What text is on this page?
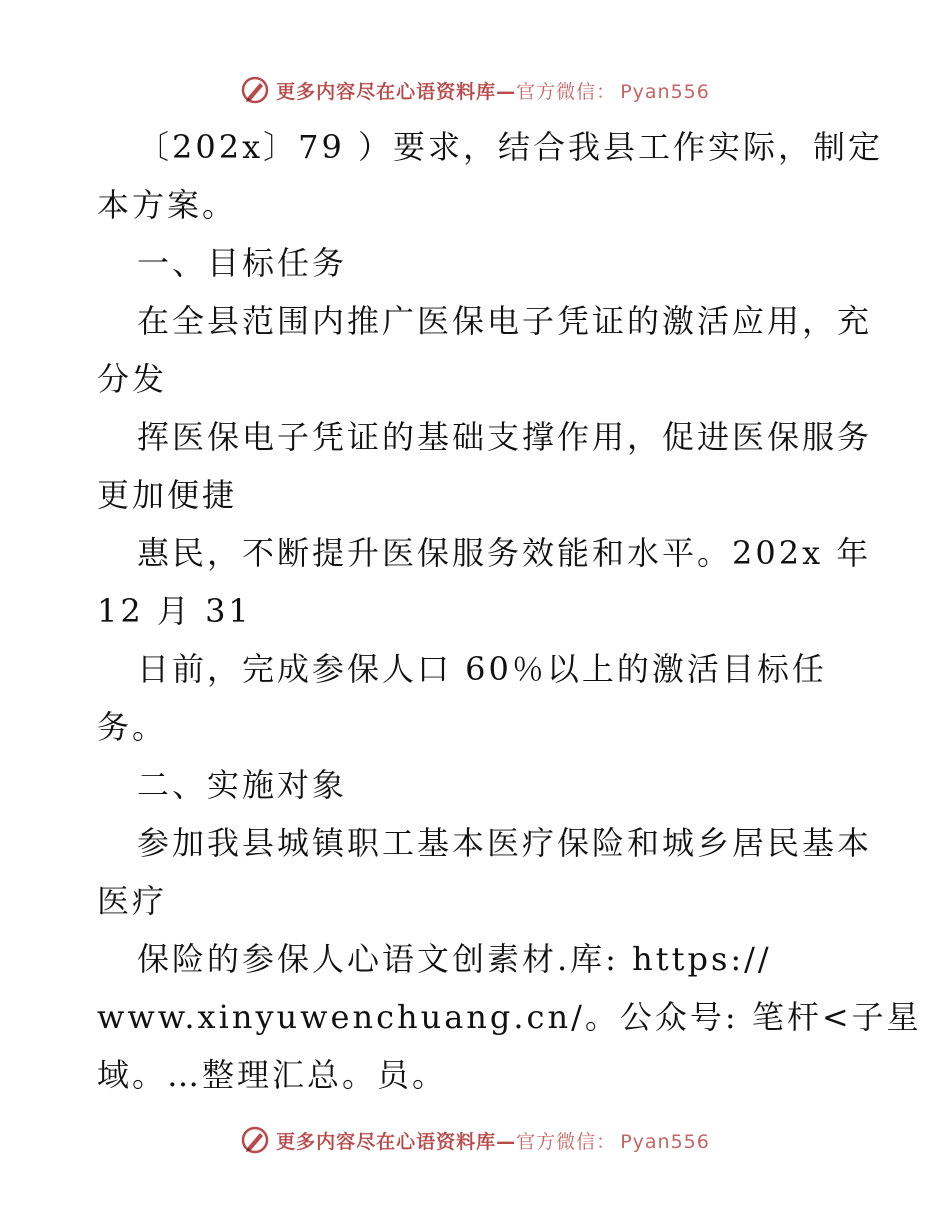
更多内容尽在心语资料库—官方微信： Pyan556
〔202x〕79 ）要求，结合我县工作实际，制定
本方案。
一、目标任务
在全县范围内推广医保电子凭证的激活应用，充
分发
挥医保电子凭证的基础支撑作用，促进医保服务
更加便捷
惠民，不断提升医保服务效能和水平。202x 年
12 月 31
日前，完成参保人口 60％以上的激活目标任
务。
二、实施对象
参加我县城镇职工基本医疗保险和城乡居民基本
医疗
保险的参保人心语文创素材.库: https://
www.xinyuwenchuang.cn/。公众号: 笔杆<子星
域。…整理汇总。员。
更多内容尽在心语资料库—官方微信： Pyan556
